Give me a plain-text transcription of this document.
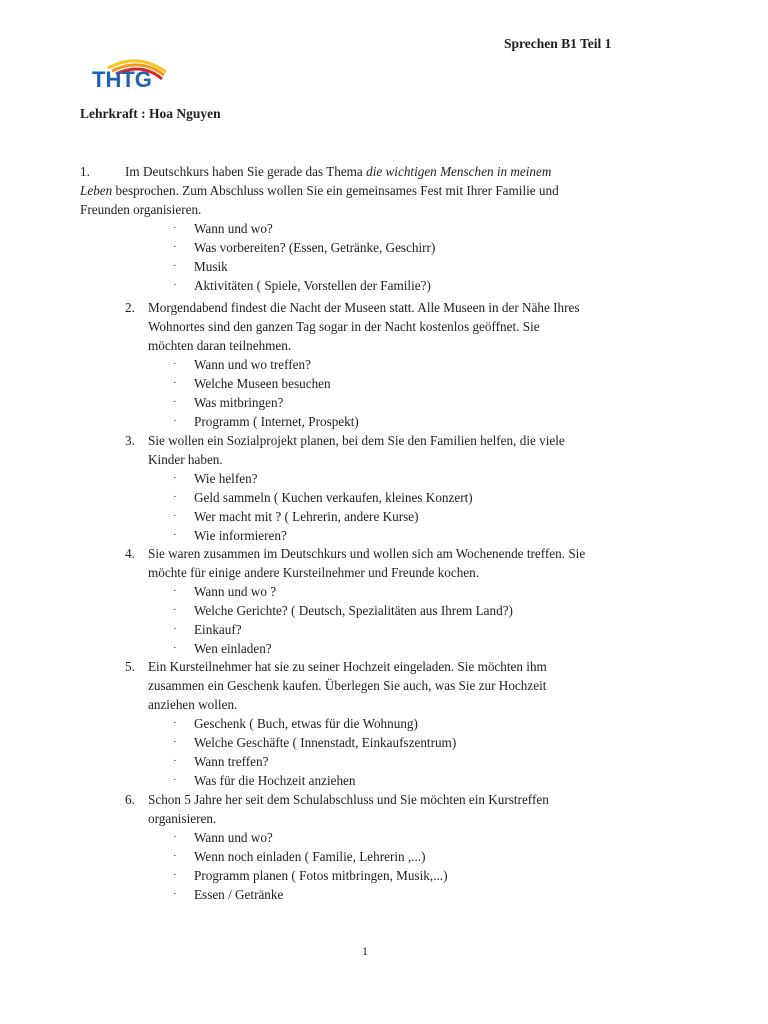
Sprechen B1 Teil 1
THTG
Lehrkraft : Hoa Nguyen
1.	Im Deutschkurs haben Sie gerade das Thema die wichtigen Menschen in meinem
Leben besprochen. Zum Abschluss wollen Sie ein gemeinsames Fest mit Ihrer Familie und
Freunden organisieren.
· Wann und wo?
· Was vorbereiten? (Essen, Getränke, Geschirr)
· Musik
· Aktivitäten ( Spiele, Vorstellen der Familie?)
2. Morgendabend findest die Nacht der Museen statt. Alle Museen in der Nähe Ihres
Wohnortes sind den ganzen Tag sogar in der Nacht kostenlos geöffnet. Sie
möchten daran teilnehmen.
· Wann und wo treffen?
· Welche Museen besuchen
· Was mitbringen?
· Programm ( Internet, Prospekt)
3. Sie wollen ein Sozialprojekt planen, bei dem Sie den Familien helfen, die viele
Kinder haben.
· Wie helfen?
· Geld sammeln ( Kuchen verkaufen, kleines Konzert)
· Wer macht mit ? ( Lehrerin, andere Kurse)
· Wie informieren?
4. Sie waren zusammen im Deutschkurs und wollen sich am Wochenende treffen. Sie
möchte für einige andere Kursteilnehmer und Freunde kochen.
· Wann und wo ?
· Welche Gerichte? ( Deutsch, Spezialitäten aus Ihrem Land?)
· Einkauf?
· Wen einladen?
5. Ein Kursteilnehmer hat sie zu seiner Hochzeit eingeladen. Sie möchten ihm
zusammen ein Geschenk kaufen. Überlegen Sie auch, was Sie zur Hochzeit
anziehen wollen.
· Geschenk ( Buch, etwas für die Wohnung)
· Welche Geschäfte ( Innenstadt, Einkaufszentrum)
· Wann treffen?
· Was für die Hochzeit anziehen
6. Schon 5 Jahre her seit dem Schulabschluss und Sie möchten ein Kurstreffen
organisieren.
· Wann und wo?
· Wenn noch einladen ( Familie, Lehrerin ,...)
· Programm planen ( Fotos mitbringen, Musik,...)
· Essen / Getränke
1
